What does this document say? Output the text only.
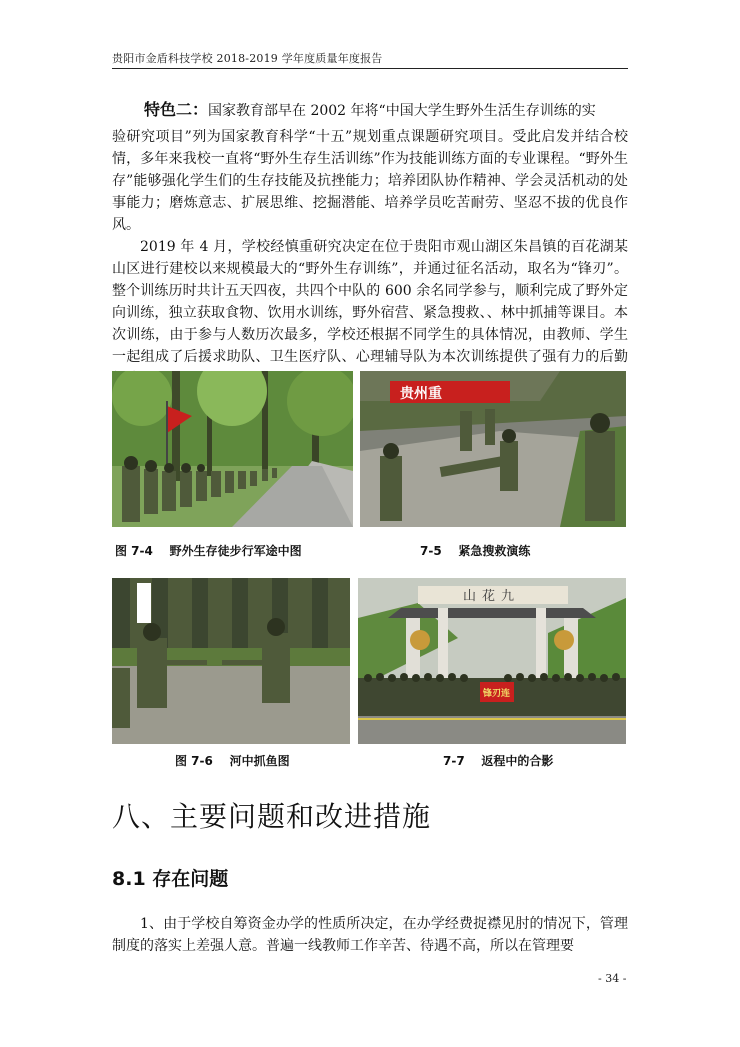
贵阳市金盾科技学校 2018-2019 学年度质量年度报告

特色二：国家教育部早在 2002 年将“中国大学生野外生活生存训练的实

验研究项目”列为国家教育科学“十五”规划重点课题研究项目。受此启发并结合校情，多年来我校一直将“野外生存生活训练”作为技能训练方面的专业课程。“野外生存”能够强化学生们的生存技能及抗挫能力；培养团队协作精神、学会灵活机动的处事能力；磨炼意志、扩展思维、挖掘潜能、培养学员吃苦耐劳、坚忍不拔的优良作风。

2019 年 4 月，学校经慎重研究决定在位于贵阳市观山湖区朱昌镇的百花湖某山区进行建校以来规模最大的“野外生存训练”，并通过征名活动，取名为“锋刃”。整个训练历时共计五天四夜，共四个中队的 600 余名同学参与，顺利完成了野外定向训练，独立获取食物、饮用水训练，野外宿营、紧急搜救、、林中抓捕等课目。本次训练，由于参与人数历次最多，学校还根据不同学生的具体情况，由教师、学生一起组成了后援求助队、卫生医疗队、心理辅导队为本次训练提供了强有力的后勤

贵州重
图 7-4 野外生存徒步行军途中图	7-5 紧急搜救演练
山花九
锋刃连
图 7-6 河中抓鱼图	7-7 返程中的合影
八、主要问题和改进措施
8.1 存在问题

1、由于学校自筹资金办学的性质所决定，在办学经费捉襟见肘的情况下，管理制度的落实上差强人意。普遍一线教师工作辛苦、待遇不高，所以在管理要

- 34 -
